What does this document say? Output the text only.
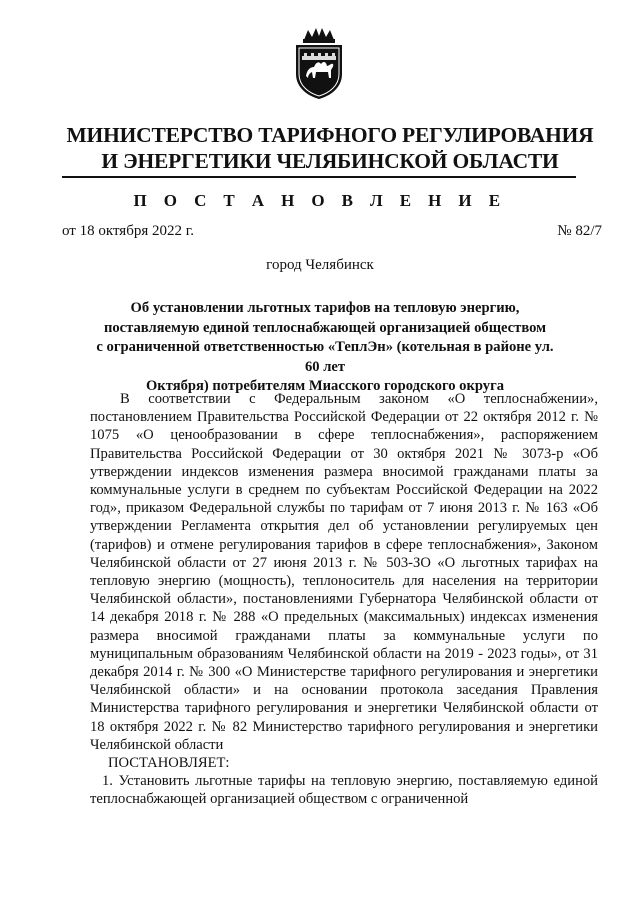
МИНИСТЕРСТВО ТАРИФНОГО РЕГУЛИРОВАНИЯ
И ЭНЕРГЕТИКИ ЧЕЛЯБИНСКОЙ ОБЛАСТИ
П О С Т А Н О В Л Е Н И Е
от 18 октября 2022 г.	№ 82/7
город Челябинск
Об установлении льготных тарифов на тепловую энергию,
поставляемую единой теплоснабжающей организацией обществом
с ограниченной ответственностью «ТеплЭн» (котельная в районе ул. 60 лет
Октября) потребителям Миасского городского округа

В соответствии с Федеральным законом «О теплоснабжении», постановлением Правительства Российской Федерации от 22 октября 2012 г. № 1075 «О ценообразовании в сфере теплоснабжения», распоряжением Правительства Российской Федерации от 30 октября 2021 № 3073-р «Об утверждении индексов изменения размера вносимой гражданами платы за коммунальные услуги в среднем по субъектам Российской Федерации на 2022 год», приказом Федеральной службы по тарифам от 7 июня 2013 г. № 163 «Об утверждении Регламента открытия дел об установлении регулируемых цен (тарифов) и отмене регулирования тарифов в сфере теплоснабжения», Законом Челябинской области от 27 июня 2013 г. № 503-ЗО «О льготных тарифах на тепловую энергию (мощность), теплоноситель для населения на территории Челябинской области», постановлениями Губернатора Челябинской области от 14 декабря 2018 г. № 288 «О предельных (максимальных) индексах изменения размера вносимой гражданами платы за коммунальные услуги по муниципальным образованиям Челябинской области на 2019 - 2023 годы», от 31 декабря 2014 г. № 300 «О Министерстве тарифного регулирования и энергетики Челябинской области» и на основании протокола заседания Правления Министерства тарифного регулирования и энергетики Челябинской области от 18 октября 2022 г. № 82 Министерство тарифного регулирования и энергетики Челябинской области

ПОСТАНОВЛЯЕТ:

1. Установить льготные тарифы на тепловую энергию, поставляемую единой теплоснабжающей организацией обществом с ограниченной
